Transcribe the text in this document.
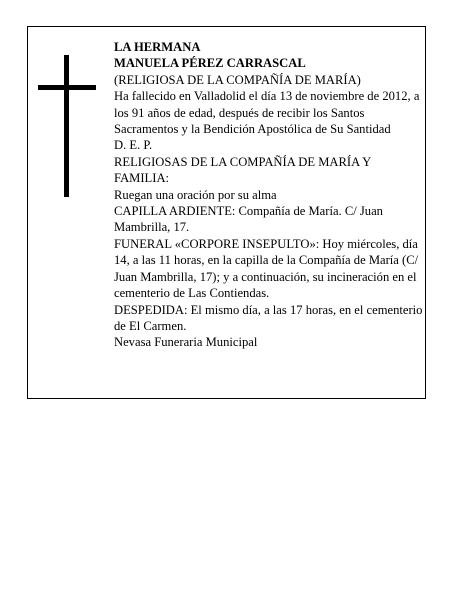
LA HERMANA

MANUELA PÉREZ CARRASCAL

(RELIGIOSA DE LA COMPAÑÍA DE MARÍA)

Ha fallecido en Valladolid el día 13 de noviembre de 2012, a los 91 años de edad, después de recibir los Santos Sacramentos y la Bendición Apostólica de Su Santidad

D. E. P.

RELIGIOSAS DE LA COMPAÑÍA DE MARÍA Y FAMILIA:

Ruegan una oración por su alma

CAPILLA ARDIENTE: Compañía de María. C/ Juan Mambrilla, 17.

FUNERAL «CORPORE INSEPULTO»: Hoy miércoles, día 14, a las 11 horas, en la capilla de la Compañía de María (C/ Juan Mambrilla, 17); y a continuación, su incineración en el cementerio de Las Contiendas.

DESPEDIDA: El mismo día, a las 17 horas, en el cementerio de El Carmen.

Nevasa Funeraria Municipal
